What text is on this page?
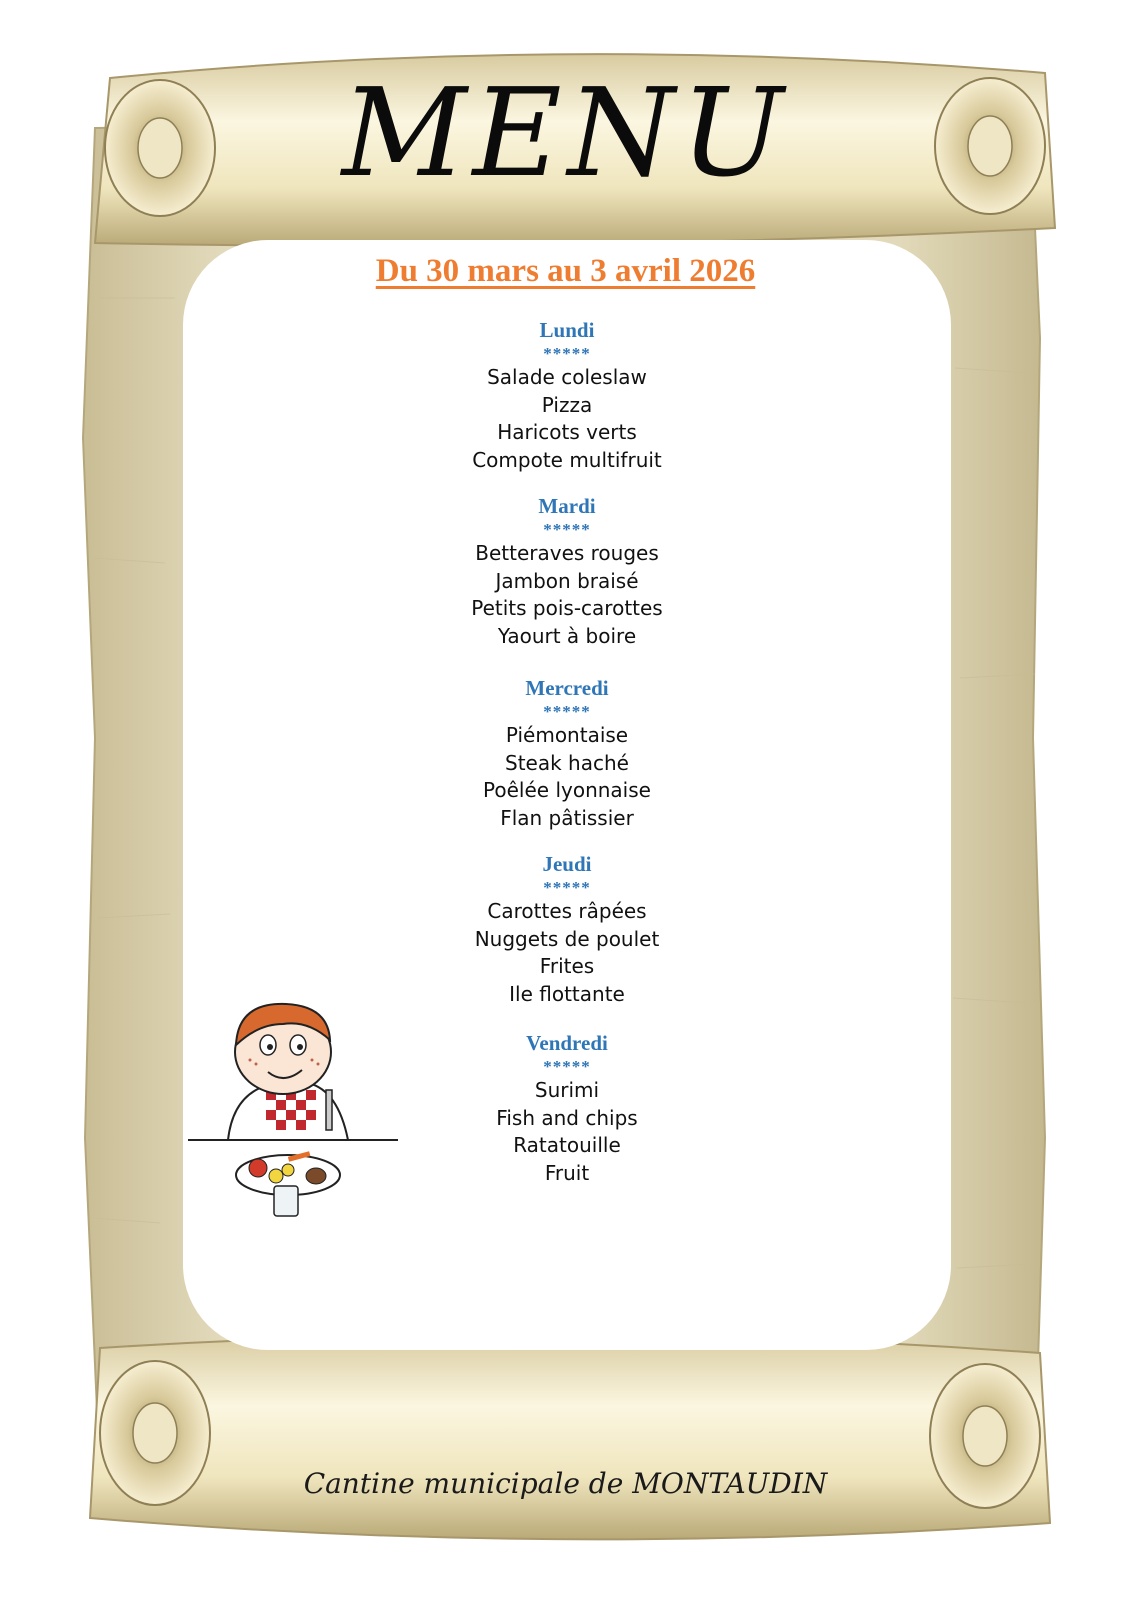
MENU
Du 30 mars au 3 avril 2026
Lundi
*****
Salade coleslaw
Pizza
Haricots verts
Compote multifruit
Mardi
*****
Betteraves rouges
Jambon braisé
Petits pois-carottes
Yaourt à boire
Mercredi
*****
Piémontaise
Steak haché
Poêlée lyonnaise
Flan pâtissier
Jeudi
*****
Carottes râpées
Nuggets de poulet
Frites
Ile flottante
Vendredi
*****
Surimi
Fish and chips
Ratatouille
Fruit
Cantine municipale de MONTAUDIN
